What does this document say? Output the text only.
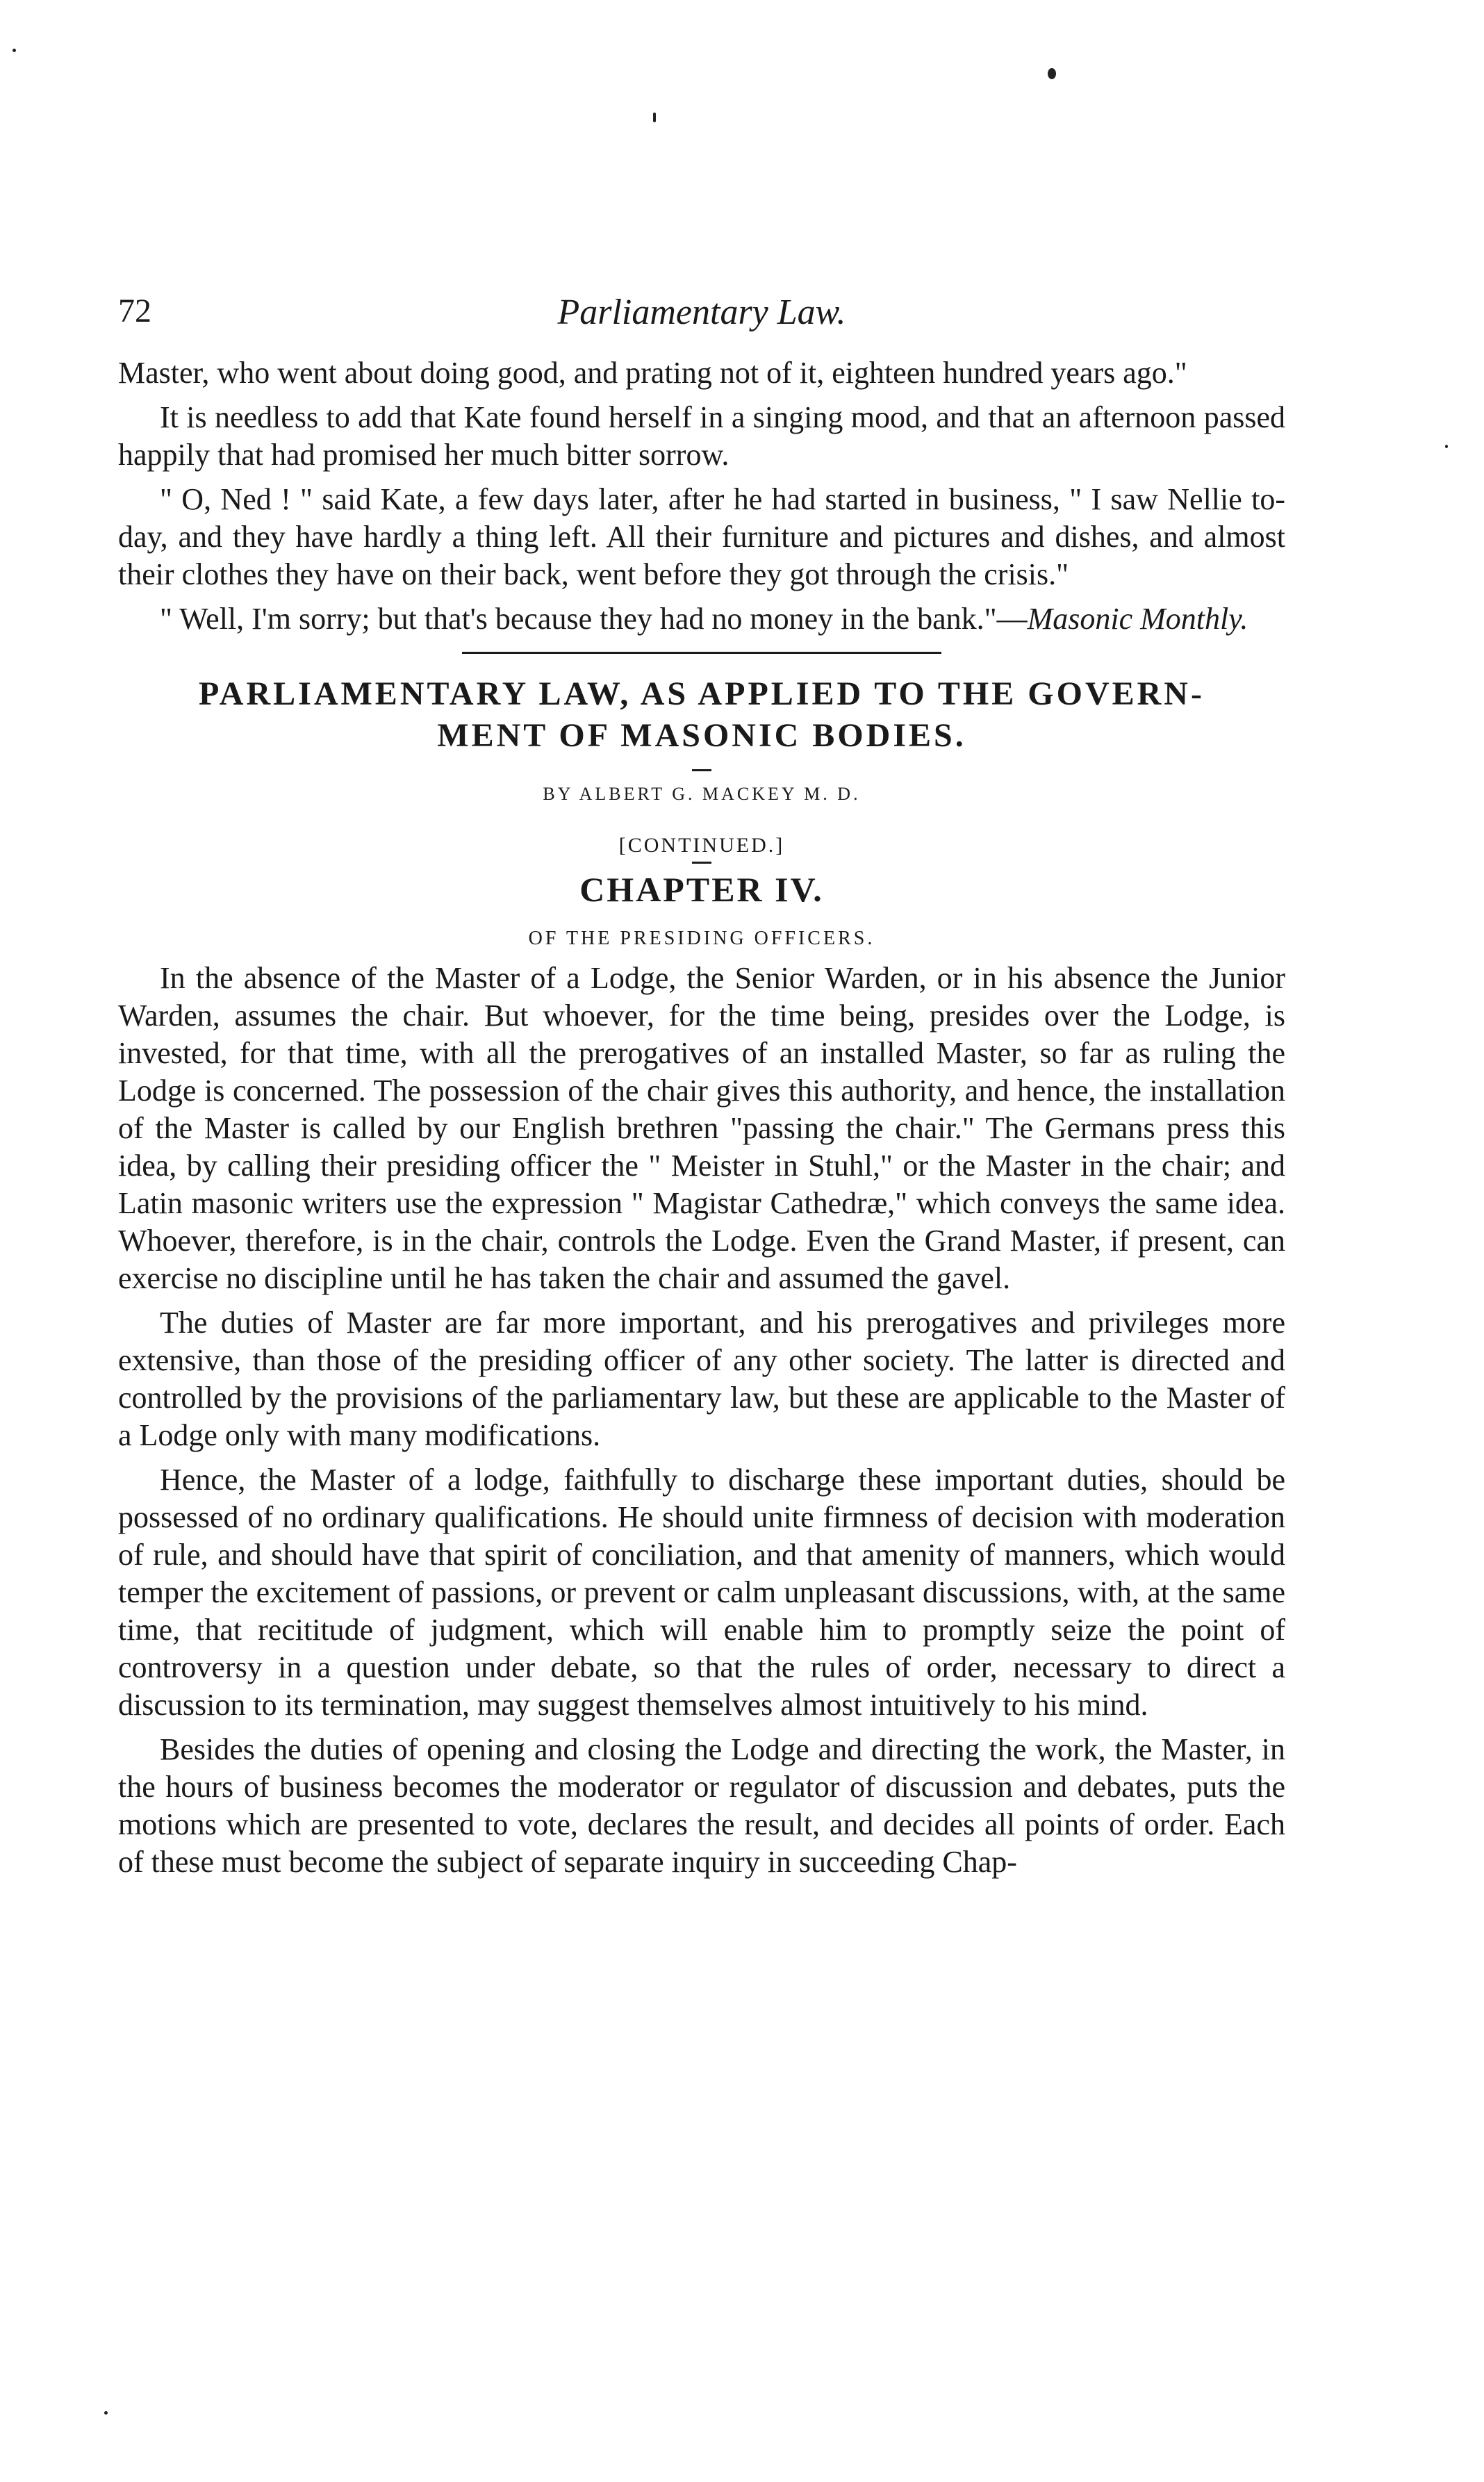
72	Parliamentary Law.

Master, who went about doing good, and prating not of it, eighteen hundred years ago."

It is needless to add that Kate found herself in a singing mood, and that an afternoon passed happily that had promised her much bitter sorrow.

" O, Ned ! " said Kate, a few days later, after he had started in business, " I saw Nellie to-day, and they have hardly a thing left. All their furniture and pictures and dishes, and almost their clothes they have on their back, went before they got through the crisis."

" Well, I'm sorry; but that's because they had no money in the bank."—Masonic Monthly.

PARLIAMENTARY LAW, AS APPLIED TO THE GOVERN-
MENT OF MASONIC BODIES.
BY ALBERT G. MACKEY M. D.
[CONTINUED.]
CHAPTER IV.
OF THE PRESIDING OFFICERS.

In the absence of the Master of a Lodge, the Senior Warden, or in his absence the Junior Warden, assumes the chair. But whoever, for the time being, presides over the Lodge, is invested, for that time, with all the prerogatives of an installed Master, so far as ruling the Lodge is concerned. The possession of the chair gives this authority, and hence, the installation of the Master is called by our English brethren "passing the chair." The Germans press this idea, by calling their presiding officer the " Meister in Stuhl," or the Master in the chair; and Latin masonic writers use the expression " Magistar Cathedræ," which conveys the same idea. Whoever, therefore, is in the chair, controls the Lodge. Even the Grand Master, if present, can exercise no discipline until he has taken the chair and assumed the gavel.

The duties of Master are far more important, and his prerogatives and privileges more extensive, than those of the presiding officer of any other society. The latter is directed and controlled by the provisions of the parliamentary law, but these are applicable to the Master of a Lodge only with many modifications.

Hence, the Master of a lodge, faithfully to discharge these important duties, should be possessed of no ordinary qualifications. He should unite firmness of decision with moderation of rule, and should have that spirit of conciliation, and that amenity of manners, which would temper the excitement of passions, or prevent or calm unpleasant discussions, with, at the same time, that recititude of judgment, which will enable him to promptly seize the point of controversy in a question under debate, so that the rules of order, necessary to direct a discussion to its termination, may suggest themselves almost intuitively to his mind.

Besides the duties of opening and closing the Lodge and directing the work, the Master, in the hours of business becomes the moderator or regulator of discussion and debates, puts the motions which are presented to vote, declares the result, and decides all points of order. Each of these must become the subject of separate inquiry in succeeding Chap-
